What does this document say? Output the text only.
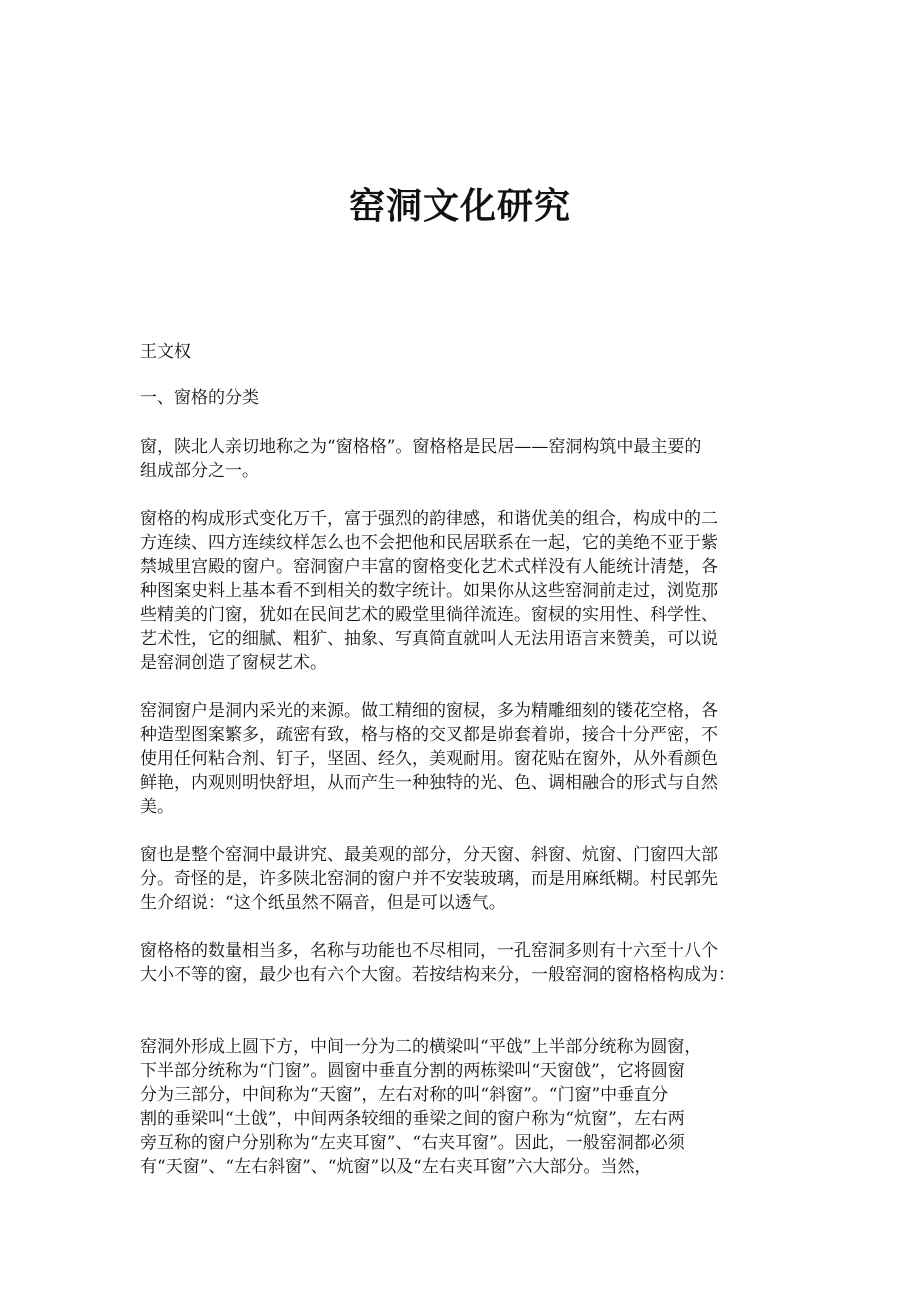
窑洞文化研究

王文权

一、窗格的分类

窗，陕北人亲切地称之为“窗格格”。窗格格是民居——窑洞构筑中最主要的

组成部分之一。

窗格的构成形式变化万千，富于强烈的韵律感，和谐优美的组合，构成中的二

方连续、四方连续纹样怎么也不会把他和民居联系在一起，它的美绝不亚于紫

禁城里宫殿的窗户。窑洞窗户丰富的窗格变化艺术式样没有人能统计清楚，各

种图案史料上基本看不到相关的数字统计。如果你从这些窑洞前走过，浏览那

些精美的门窗，犹如在民间艺术的殿堂里徜徉流连。窗棂的实用性、科学性、

艺术性，它的细腻、粗犷、抽象、写真简直就叫人无法用语言来赞美，可以说

是窑洞创造了窗棂艺术。

窑洞窗户是洞内采光的来源。做工精细的窗棂，多为精雕细刻的镂花空格，各

种造型图案繁多，疏密有致，格与格的交叉都是峁套着峁，接合十分严密，不

使用任何粘合剂、钉子，坚固、经久，美观耐用。窗花贴在窗外，从外看颜色

鲜艳，内观则明快舒坦，从而产生一种独特的光、色、调相融合的形式与自然

美。

窗也是整个窑洞中最讲究、最美观的部分，分天窗、斜窗、炕窗、门窗四大部

分。奇怪的是，许多陕北窑洞的窗户并不安装玻璃，而是用麻纸糊。村民郭先

生介绍说：“这个纸虽然不隔音，但是可以透气。

窗格格的数量相当多，名称与功能也不尽相同，一孔窑洞多则有十六至十八个

大小不等的窗，最少也有六个大窗。若按结构来分，一般窑洞的窗格格构成为：

窑洞外形成上圆下方，中间一分为二的横梁叫“平戗”上半部分统称为圆窗，

下半部分统称为“门窗”。圆窗中垂直分割的两栋梁叫“天窗戗”，它将圆窗

分为三部分，中间称为“天窗”，左右对称的叫“斜窗”。“门窗”中垂直分

割的垂梁叫“土戗”，中间两条较细的垂梁之间的窗户称为“炕窗”，左右两

旁互称的窗户分别称为“左夹耳窗”、“右夹耳窗”。因此，一般窑洞都必须

有“天窗”、“左右斜窗”、“炕窗”以及“左右夹耳窗”六大部分。当然，
